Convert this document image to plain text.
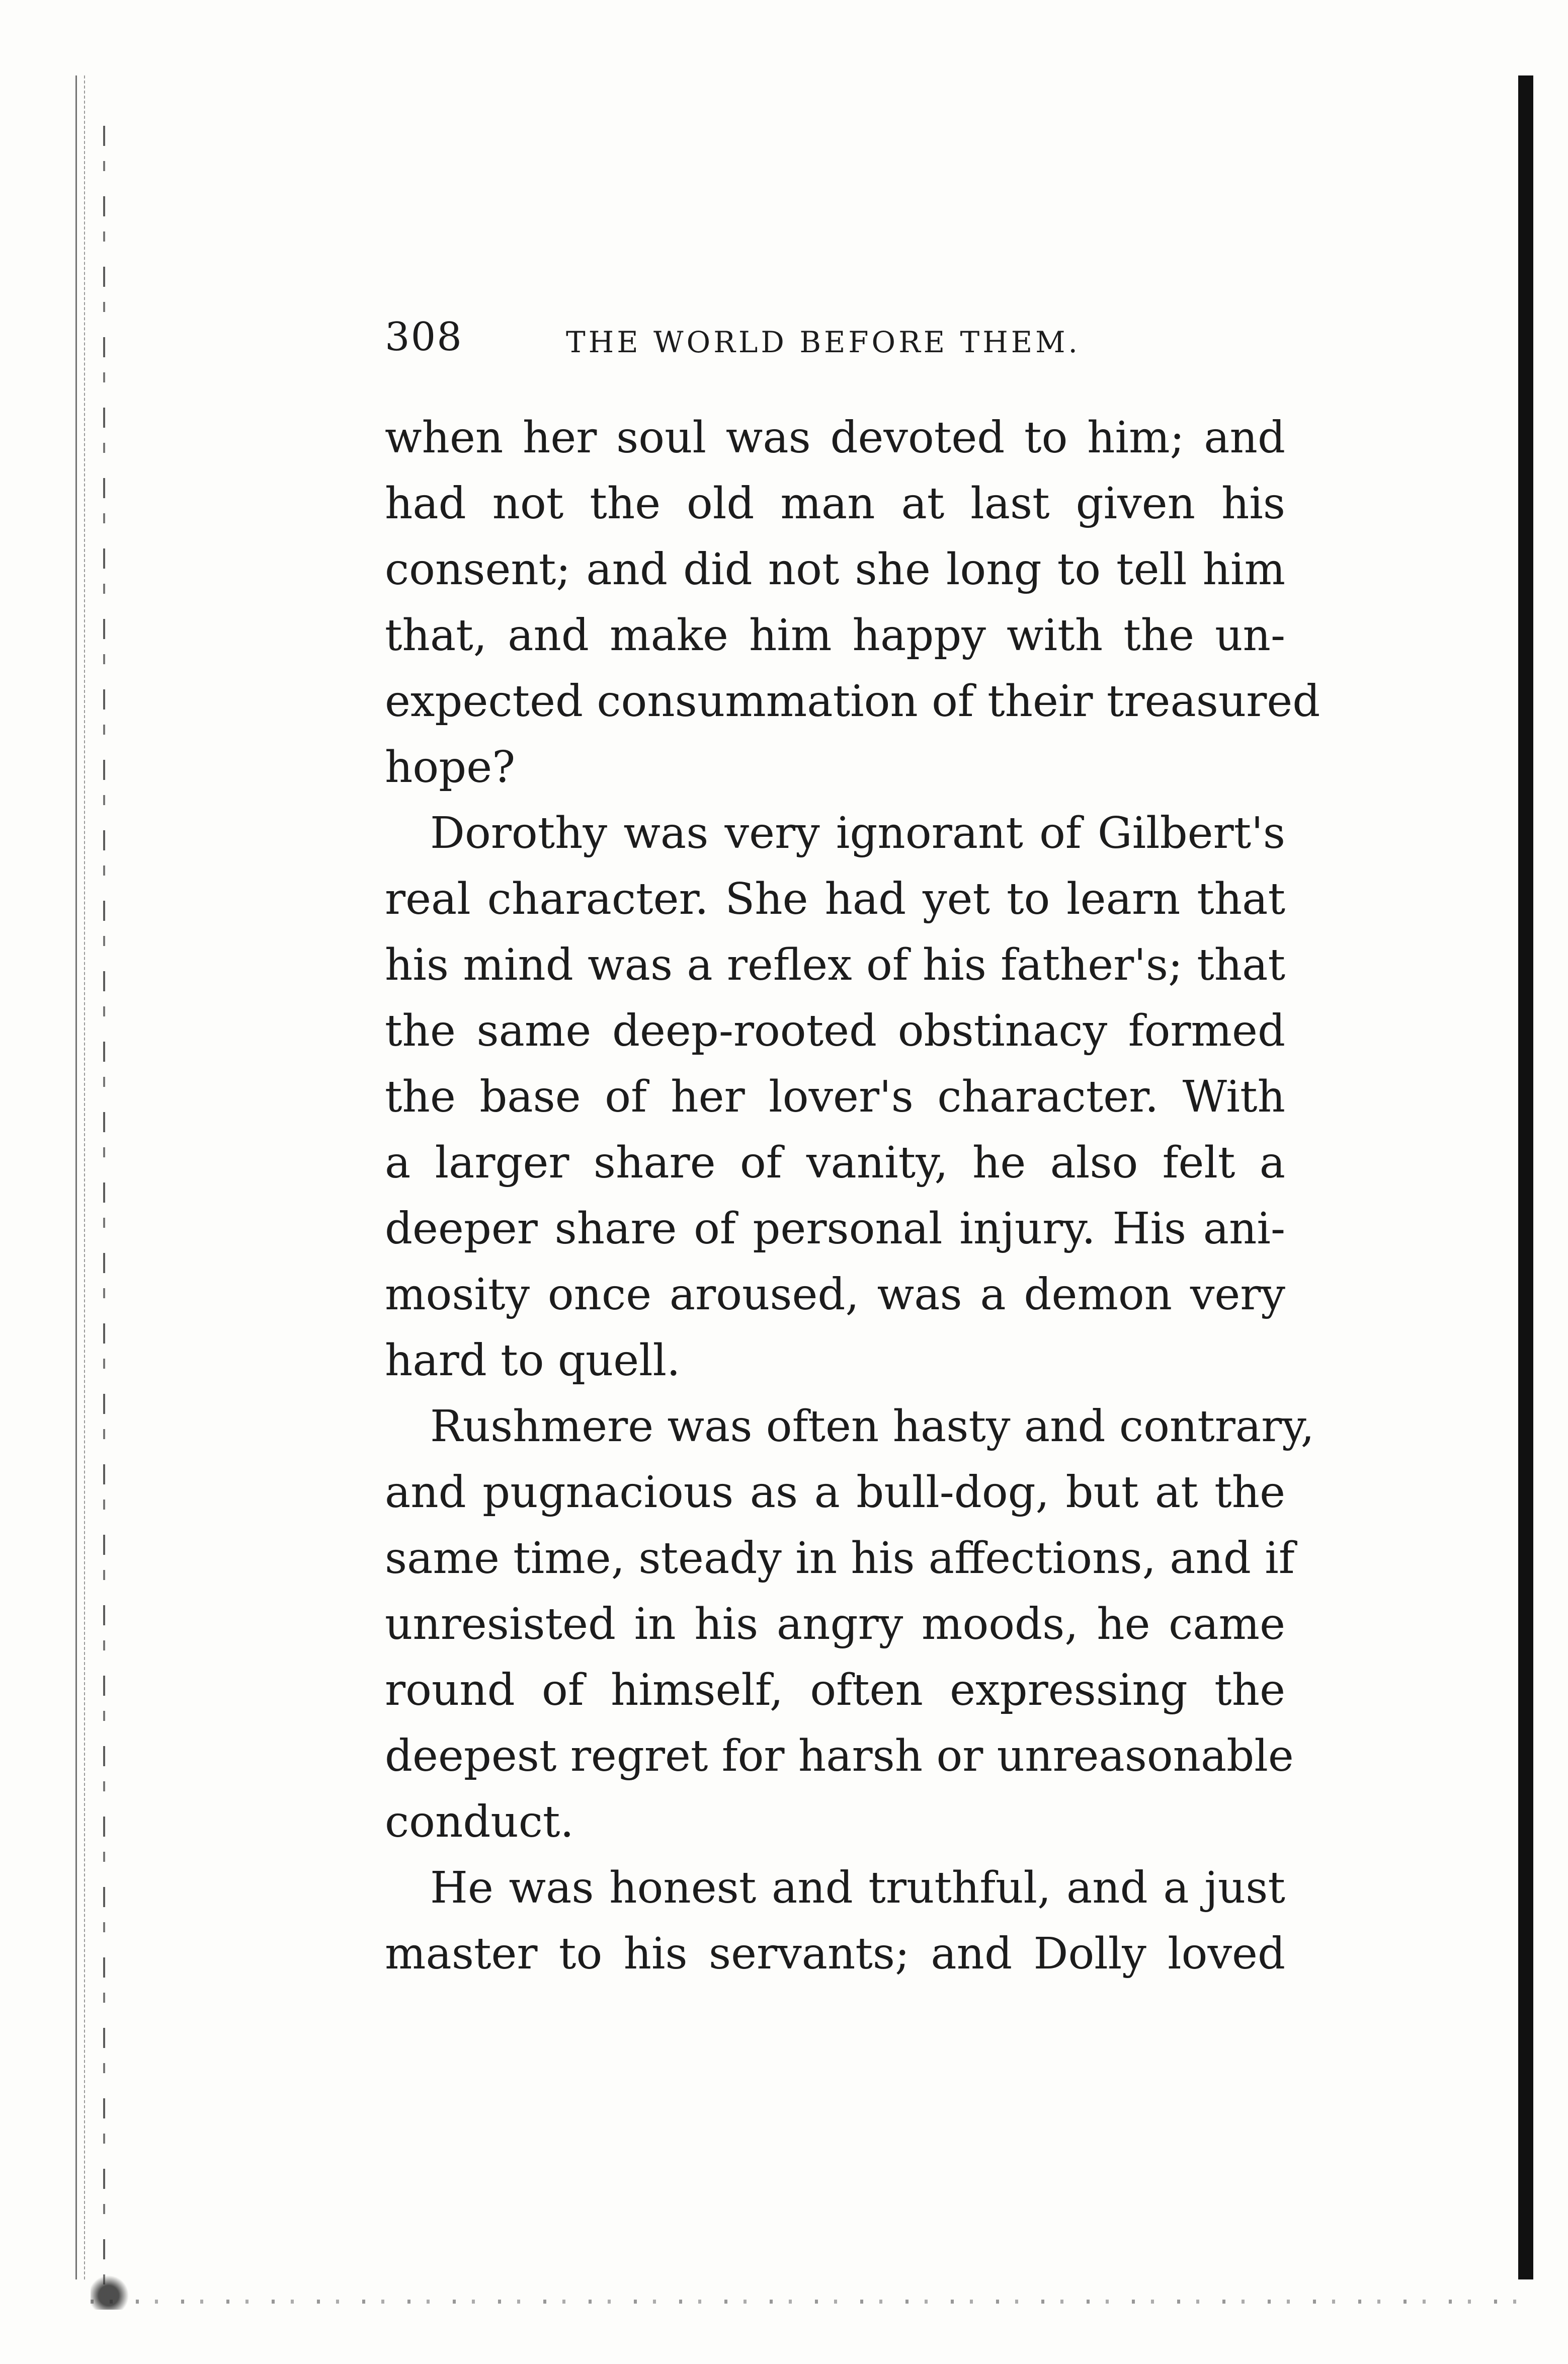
308	THE WORLD BEFORE THEM.

when her soul was devoted to him; and
had not the old man at last given his
consent; and did not she long to tell him
that, and make him happy with the un-
expected consummation of their treasured
hope?

Dorothy was very ignorant of Gilbert's
real character. She had yet to learn that
his mind was a reflex of his father's; that
the same deep-rooted obstinacy formed
the base of her lover's character. With
a larger share of vanity, he also felt a
deeper share of personal injury. His ani-
mosity once aroused, was a demon very
hard to quell.

Rushmere was often hasty and contrary,
and pugnacious as a bull-dog, but at the
same time, steady in his affections, and if
unresisted in his angry moods, he came
round of himself, often expressing the
deepest regret for harsh or unreasonable
conduct.

He was honest and truthful, and a just
master to his servants; and Dolly loved
